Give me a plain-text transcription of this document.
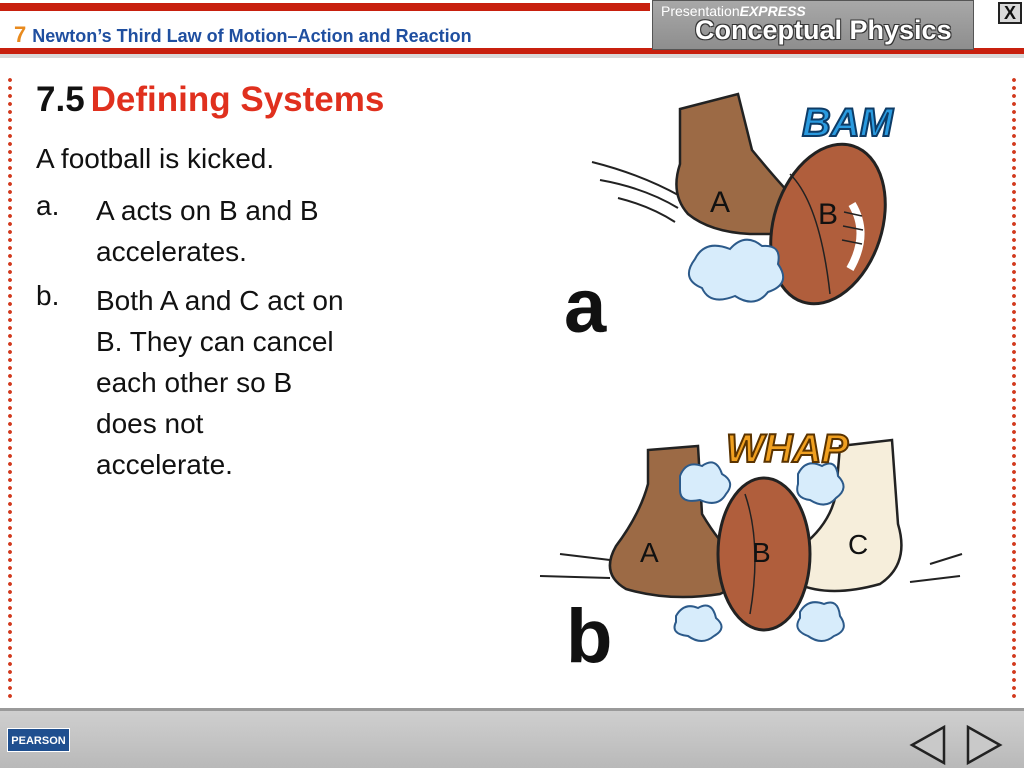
7 Newton’s Third Law of Motion–Action and Reaction
PresentationEXPRESS
Conceptual Physics
X
7.5 Defining Systems
A football is kicked.
a.	A acts on B and B accelerates.
b.	Both A and C act on B. They can cancel each other so B does not accelerate.
A	B
BAM
a
A	B	C
WHAP
b
PEARSON
